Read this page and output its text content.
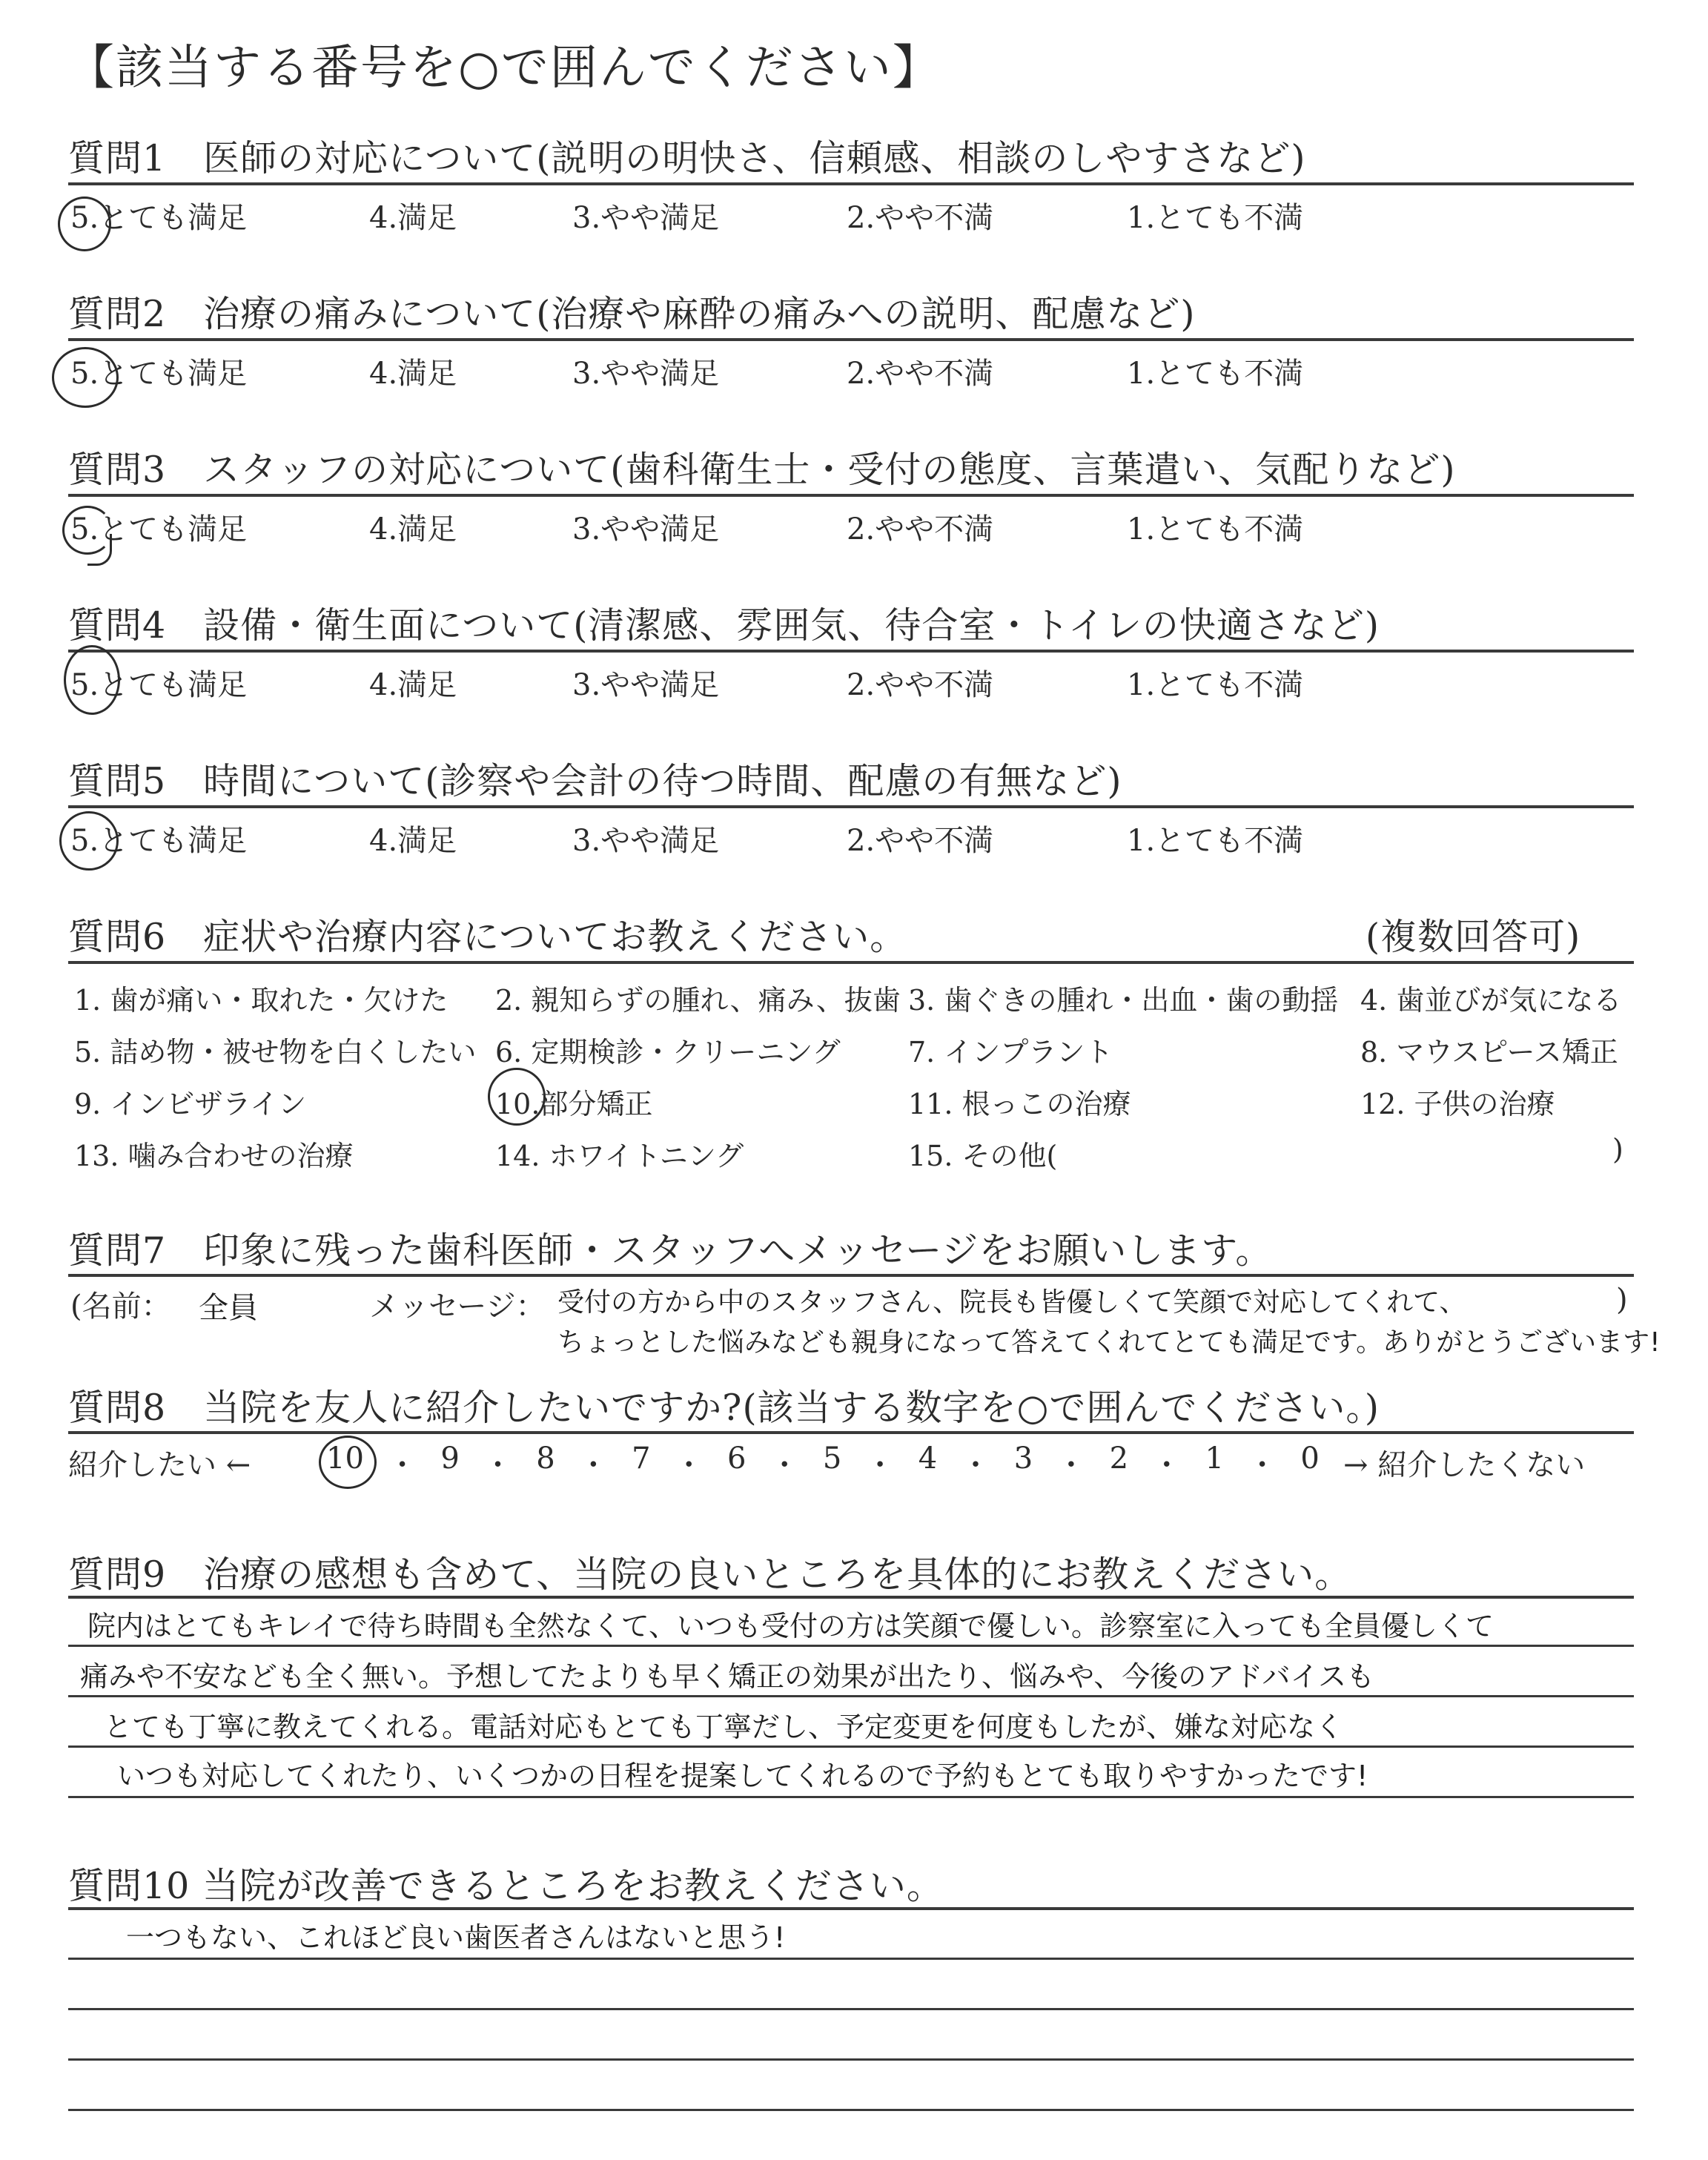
【該当する番号を○で囲んでください】
質問1　医師の対応について(説明の明快さ、信頼感、相談のしやすさなど)
5.とても満足	4.満足	3.やや満足	2.やや不満	1.とても不満
質問2　治療の痛みについて(治療や麻酔の痛みへの説明、配慮など)
5.とても満足	4.満足	3.やや満足	2.やや不満	1.とても不満
質問3　スタッフの対応について(歯科衛生士・受付の態度、言葉遣い、気配りなど)
5.とても満足	4.満足	3.やや満足	2.やや不満	1.とても不満
質問4　設備・衛生面について(清潔感、雰囲気、待合室・トイレの快適さなど)
5.とても満足	4.満足	3.やや満足	2.やや不満	1.とても不満
質問5　時間について(診察や会計の待つ時間、配慮の有無など)
5.とても満足	4.満足	3.やや満足	2.やや不満	1.とても不満
質問6　症状や治療内容についてお教えください。	(複数回答可)
1. 歯が痛い・取れた・欠けた 2. 親知らずの腫れ、痛み、抜歯 3. 歯ぐきの腫れ・出血・歯の動揺 4. 歯並びが気になる
5. 詰め物・被せ物を白くしたい 6. 定期検診・クリーニング 7. インプラント	8. マウスピース矯正
9. インビザライン	10.部分矯正	11. 根っこの治療	12. 子供の治療
13. 噛み合わせの治療	14. ホワイトニング	15. その他(	)
質問7　印象に残った歯科医師・スタッフへメッセージをお願いします。
(名前： 全員	メッセージ： 受付の方から中のスタッフさん、院長も皆優しくて笑顔で対応してくれて、
ちょっとした悩みなども親身になって答えてくれてとても満足です。ありがとうございます!
)
質問8　当院を友人に紹介したいですか?(該当する数字を○で囲んでください。)
紹介したい ←	→ 紹介したくない
10 ・ 9 ・ 8 ・ 7 ・ 6 ・ 5 ・ 4 ・ 3 ・ 2 ・ 1 ・ 0
質問9　治療の感想も含めて、当院の良いところを具体的にお教えください。
院内はとてもキレイで待ち時間も全然なくて、いつも受付の方は笑顔で優しい。診察室に入っても全員優しくて
痛みや不安なども全く無い。予想してたよりも早く矯正の効果が出たり、悩みや、今後のアドバイスも
とても丁寧に教えてくれる。電話対応もとても丁寧だし、予定変更を何度もしたが、嫌な対応なく
いつも対応してくれたり、いくつかの日程を提案してくれるので予約もとても取りやすかったです!
質問10 当院が改善できるところをお教えください。
一つもない、これほど良い歯医者さんはないと思う!
